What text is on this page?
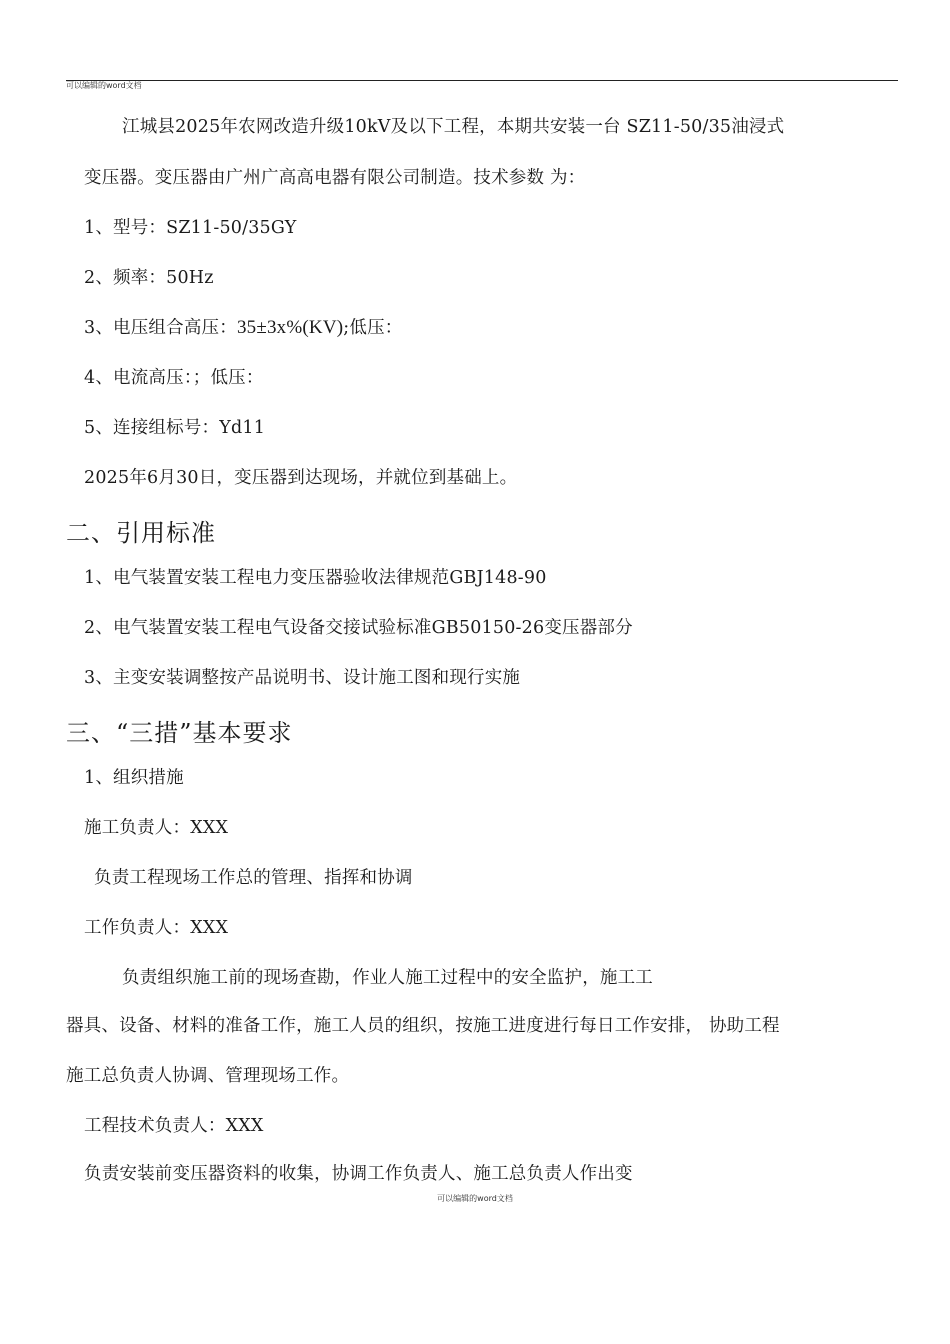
可以编辑的word文档
江城县2025年农网改造升级10kV及以下工程，本期共安装一台 SZ11-50/35油浸式
变压器。变压器由广州广高高电器有限公司制造。技术参数 为：
1、型号：SZ11-50/35GY
2、频率：50Hz
3、电压组合高压：35±3x%(KV);低压：
4、电流高压：；低压：
5、连接组标号：Yd11
2025年6月30日，变压器到达现场，并就位到基础上。
二、引用标准
1、电气装置安装工程电力变压器验收法律规范GBJ148-90
2、电气装置安装工程电气设备交接试验标准GB50150-26变压器部分
3、主变安装调整按产品说明书、设计施工图和现行实施
三、“三措”基本要求
1、组织措施
施工负责人：XXX
负责工程现场工作总的管理、指挥和协调
工作负责人：XXX
负责组织施工前的现场查勘，作业人施工过程中的安全监护，施工工
器具、设备、材料的准备工作，施工人员的组织，按施工进度进行每日工作安排， 协助工程
施工总负责人协调、管理现场工作。
工程技术负责人：XXX
负责安装前变压器资料的收集，协调工作负责人、施工总负责人作出变
可以编辑的word文档
